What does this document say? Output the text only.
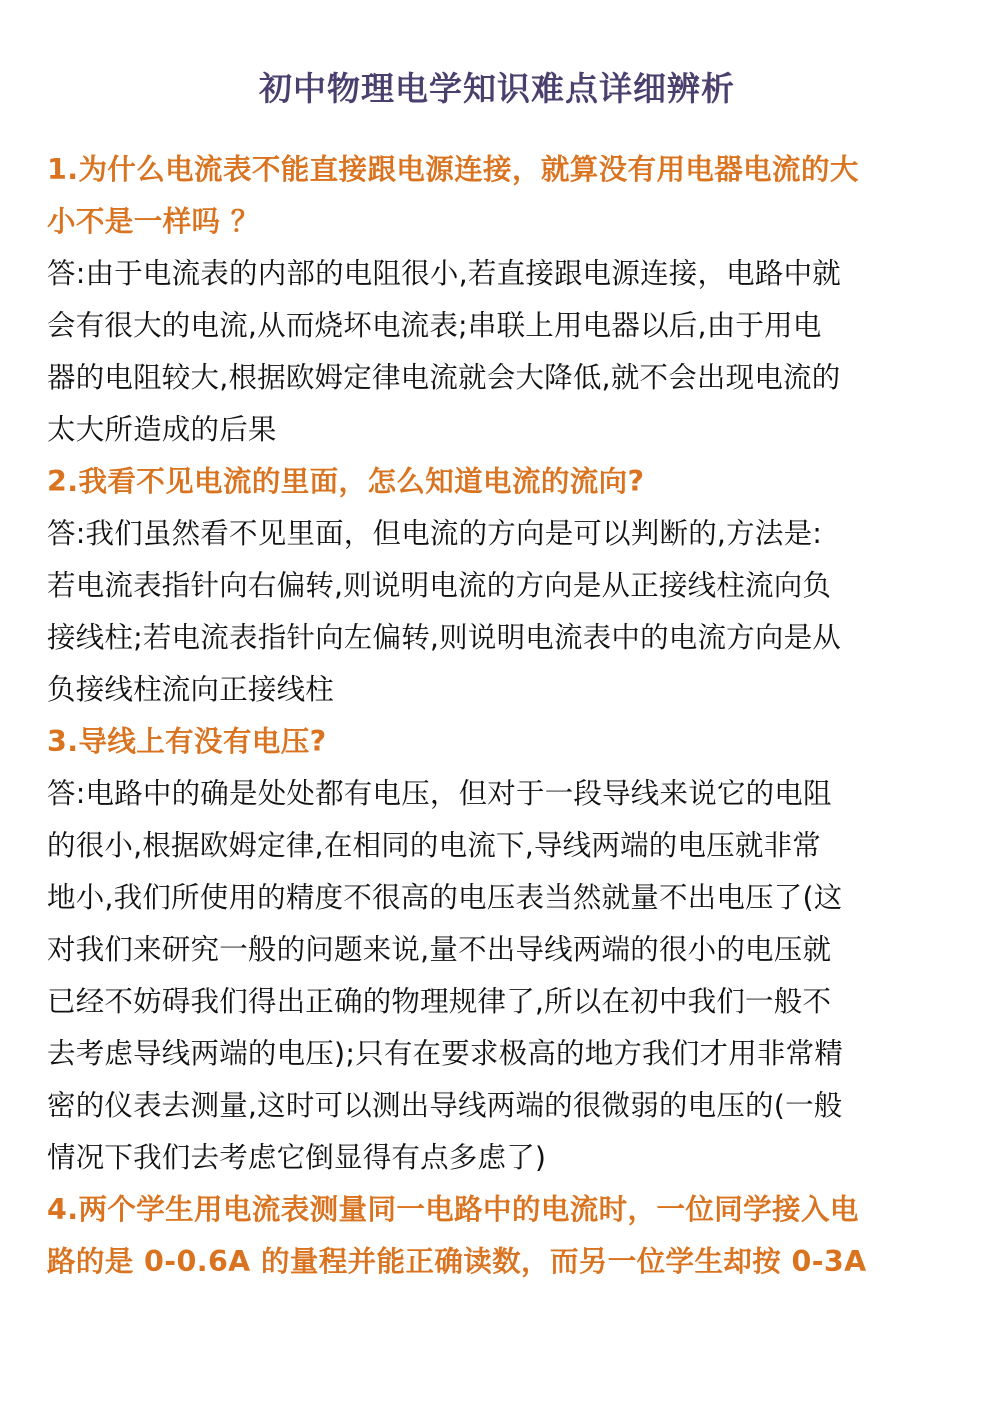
初中物理电学知识难点详细辨析
1.为什么电流表不能直接跟电源连接，就算没有用电器电流的大
小不是一样吗 ？
答:由于电流表的内部的电阻很小,若直接跟电源连接，电路中就
会有很大的电流,从而烧坏电流表;串联上用电器以后,由于用电
器的电阻较大,根据欧姆定律电流就会大降低,就不会出现电流的
太大所造成的后果
2.我看不见电流的里面，怎么知道电流的流向?
答:我们虽然看不见里面，但电流的方向是可以判断的,方法是:
若电流表指针向右偏转,则说明电流的方向是从正接线柱流向负
接线柱;若电流表指针向左偏转,则说明电流表中的电流方向是从
负接线柱流向正接线柱
3.导线上有没有电压?
答:电路中的确是处处都有电压，但对于一段导线来说它的电阻
的很小,根据欧姆定律,在相同的电流下,导线两端的电压就非常
地小,我们所使用的精度不很高的电压表当然就量不出电压了(这
对我们来研究一般的问题来说,量不出导线两端的很小的电压就
已经不妨碍我们得出正确的物理规律了,所以在初中我们一般不
去考虑导线两端的电压);只有在要求极高的地方我们才用非常精
密的仪表去测量,这时可以测出导线两端的很微弱的电压的(一般
情况下我们去考虑它倒显得有点多虑了)
4.两个学生用电流表测量同一电路中的电流时，一位同学接入电
路的是 0-0.6A 的量程并能正确读数，而另一位学生却按 0-3A
